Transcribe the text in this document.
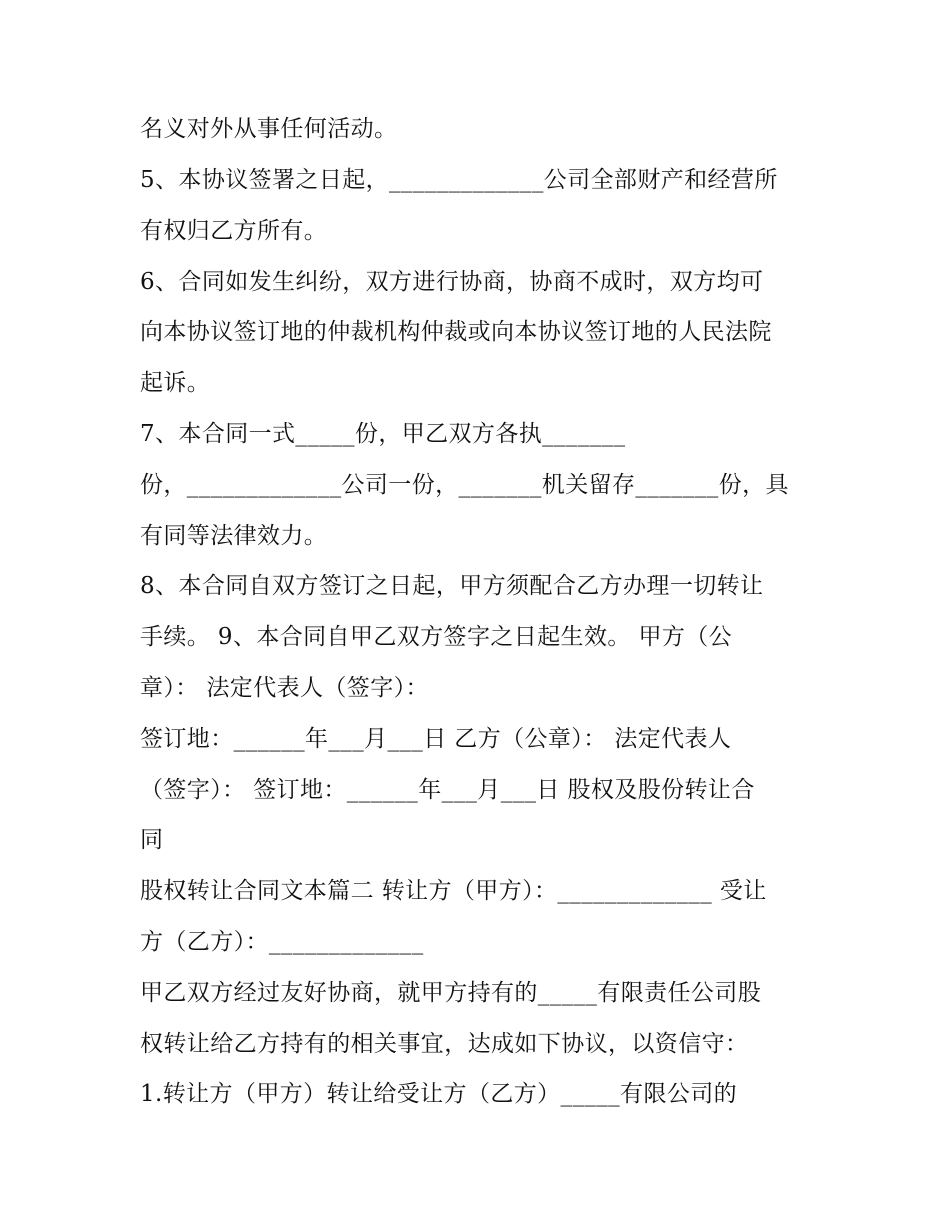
名义对外从事任何活动。
5、本协议签署之日起，_____________公司全部财产和经营所
有权归乙方所有。
6、合同如发生纠纷，双方进行协商，协商不成时，双方均可
向本协议签订地的仲裁机构仲裁或向本协议签订地的人民法院
起诉。
7、本合同一式_____份，甲乙双方各执_______
份，_____________公司一份，_______机关留存_______份，具
有同等法律效力。
8、本合同自双方签订之日起，甲方须配合乙方办理一切转让
手续。 9、本合同自甲乙双方签字之日起生效。 甲方（公
章）： 法定代表人（签字）：
签订地：______年___月___日 乙方（公章）： 法定代表人
（签字）： 签订地：______年___月___日 股权及股份转让合
同
股权转让合同文本篇二 转让方（甲方）：_____________ 受让
方（乙方）：_____________
甲乙双方经过友好协商，就甲方持有的_____有限责任公司股
权转让给乙方持有的相关事宜，达成如下协议，以资信守：
1.转让方（甲方）转让给受让方（乙方）_____有限公司的
